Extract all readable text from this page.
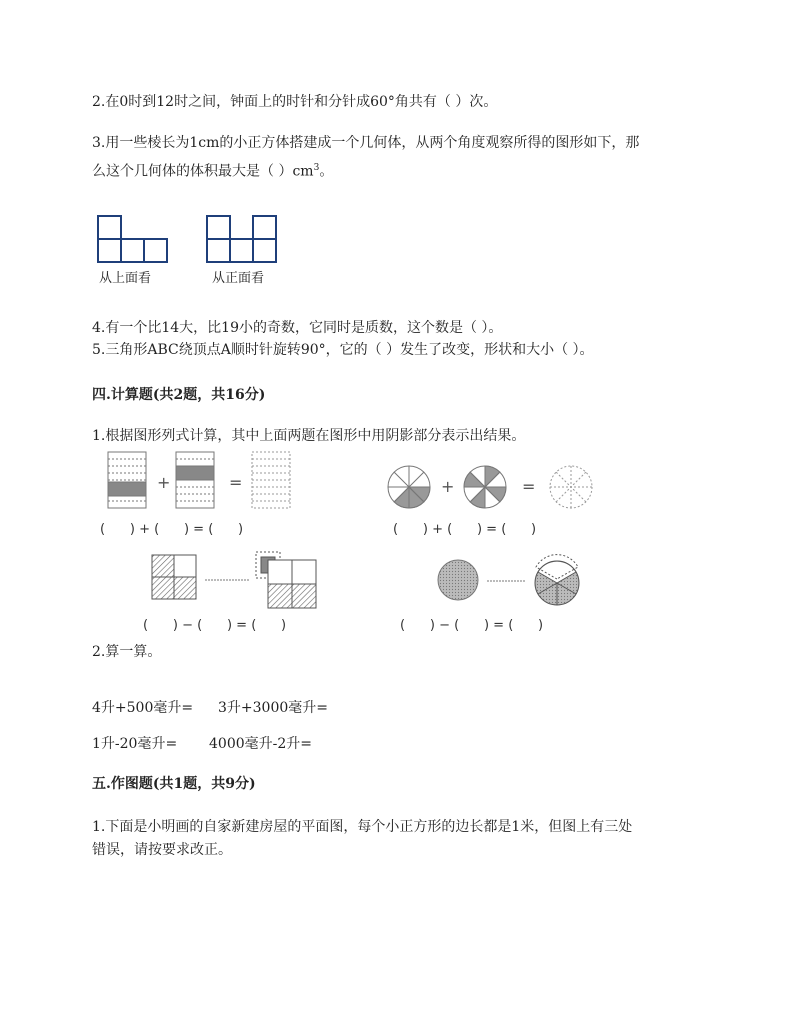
2.在0时到12时之间，钟面上的时针和分针成60°角共有（ ）次。
3.用一些棱长为1cm的小正方体搭建成一个几何体，从两个角度观察所得的图形如下，那
么这个几何体的体积最大是（ ）$cm^3$。
从上面看	从正面看
4.有一个比14大，比19小的奇数，它同时是质数，这个数是（ ）。
5.三角形ABC绕顶点A顺时针旋转90°，它的（ ）发生了改变，形状和大小（ ）。
四.计算题(共2题，共16分)
1.根据图形列式计算，其中上面两题在图形中用阴影部分表示出结果。
+	=
(      ) + (      ) = (      )
+	=
(      ) + (      ) = (      )
(      ) − (      ) = (      )	(      ) − (      ) = (      )
2.算一算。
4升+500毫升= 3升+3000毫升=
1升-20毫升= 4000毫升-2升=
五.作图题(共1题，共9分)
1.下面是小明画的自家新建房屋的平面图，每个小正方形的边长都是1米，但图上有三处
错误，请按要求改正。
